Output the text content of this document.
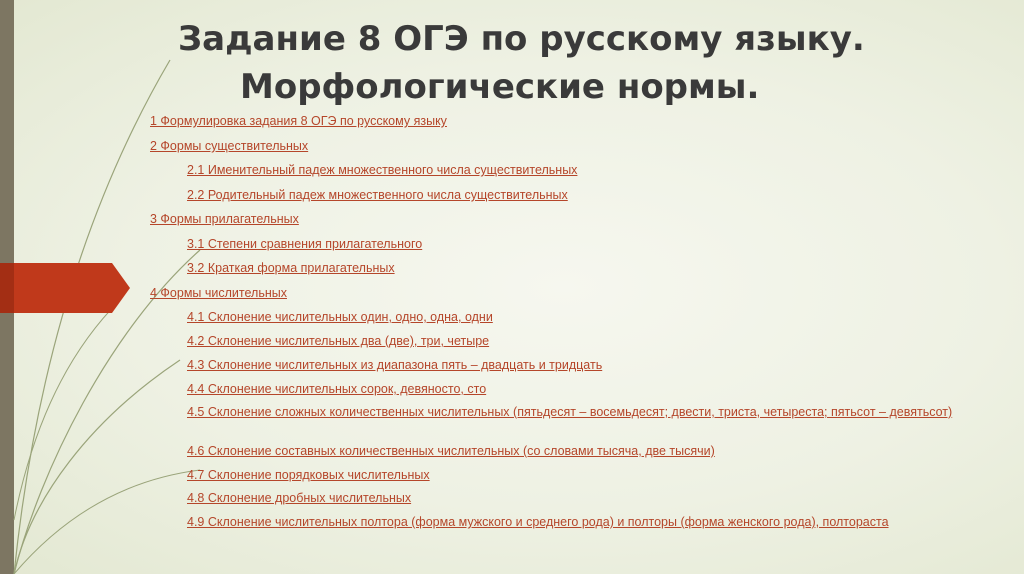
Задание 8 ОГЭ по русскому языку.
Морфологические нормы.
1 Формулировка задания 8 ОГЭ по русскому языку
2 Формы существительных
2.1 Именительный падеж множественного числа существительных
2.2 Родительный падеж множественного числа существительных
3 Формы прилагательных
3.1 Степени сравнения прилагательного
3.2 Краткая форма прилагательных
4 Формы числительных
4.1 Склонение числительных один, одно, одна, одни
4.2 Склонение числительных два (две), три, четыре
4.3 Склонение числительных из диапазона пять – двадцать и тридцать
4.4 Склонение числительных сорок, девяносто, сто
4.5 Склонение сложных количественных числительных (пятьдесят – восемьдесят; двести, триста, четыреста; пятьсот – девятьсот)
4.6 Склонение составных количественных числительных (со словами тысяча, две тысячи)
4.7 Склонение порядковых числительных
4.8 Склонение дробных числительных
4.9 Склонение числительных полтора (форма мужского и среднего рода) и полторы (форма женского рода), полтораста
